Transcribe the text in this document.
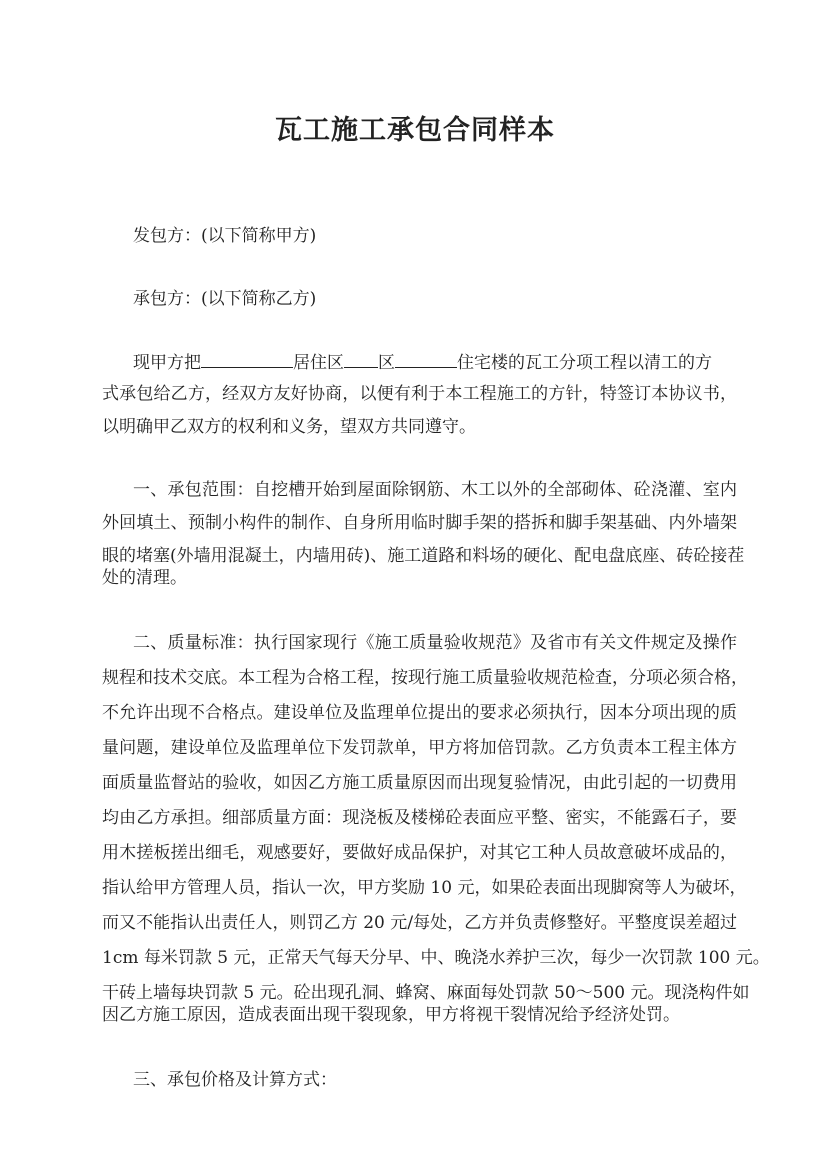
瓦工施工承包合同样本
发包方：(以下简称甲方)
承包方：(以下简称乙方)
现甲方把	居住区 区	住宅楼的瓦工分项工程以清工的方
式承包给乙方，经双方友好协商，以便有利于本工程施工的方针，特签订本协议书，
以明确甲乙双方的权利和义务，望双方共同遵守。
一、承包范围：自挖槽开始到屋面除钢筋、木工以外的全部砌体、砼浇灌、室内
外回填土、预制小构件的制作、自身所用临时脚手架的搭拆和脚手架基础、内外墙架
眼的堵塞(外墙用混凝土，内墙用砖)、施工道路和料场的硬化、配电盘底座、砖砼接茬
处的清理。
二、质量标准：执行国家现行《施工质量验收规范》及省市有关文件规定及操作
规程和技术交底。本工程为合格工程，按现行施工质量验收规范检查，分项必须合格，
不允许出现不合格点。建设单位及监理单位提出的要求必须执行，因本分项出现的质
量问题，建设单位及监理单位下发罚款单，甲方将加倍罚款。乙方负责本工程主体方
面质量监督站的验收，如因乙方施工质量原因而出现复验情况，由此引起的一切费用
均由乙方承担。细部质量方面：现浇板及楼梯砼表面应平整、密实，不能露石子，要
用木搓板搓出细毛，观感要好，要做好成品保护，对其它工种人员故意破坏成品的，
指认给甲方管理人员，指认一次，甲方奖励 10 元，如果砼表面出现脚窝等人为破坏，
而又不能指认出责任人，则罚乙方 20 元/每处，乙方并负责修整好。平整度误差超过
1cm 每米罚款 5 元，正常天气每天分早、中、晚浇水养护三次，每少一次罚款 100 元。
干砖上墙每块罚款 5 元。砼出现孔洞、蜂窝、麻面每处罚款 50～500 元。现浇构件如
因乙方施工原因，造成表面出现干裂现象，甲方将视干裂情况给予经济处罚。
三、承包价格及计算方式：
